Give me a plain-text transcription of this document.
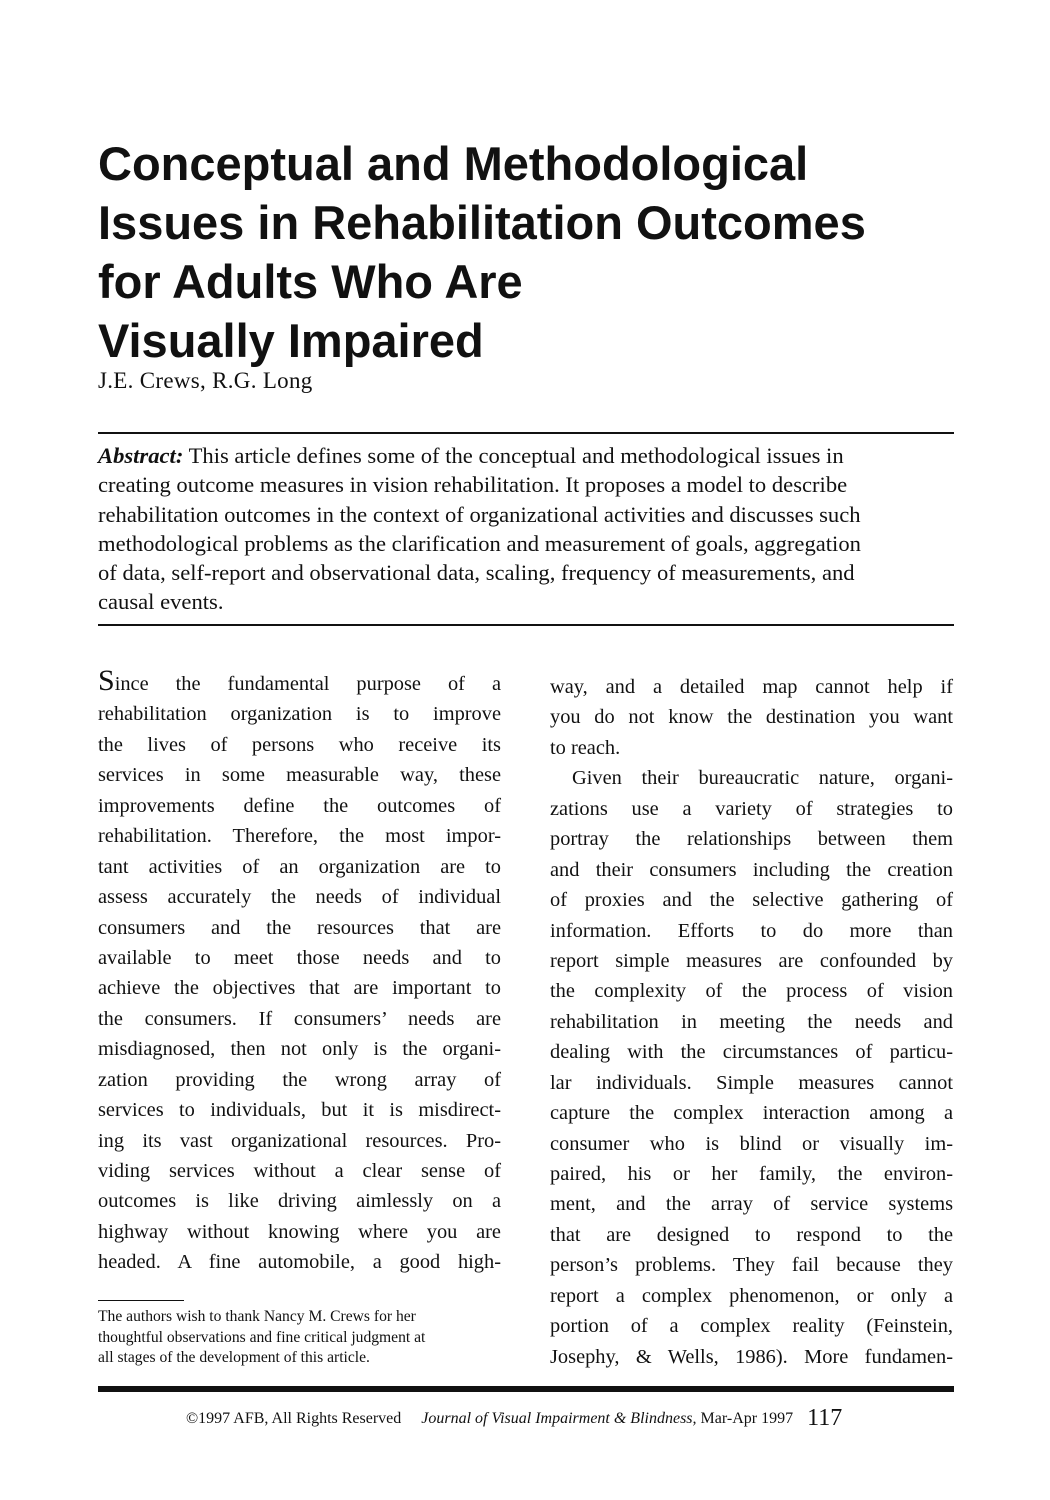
Conceptual and Methodological
Issues in Rehabilitation Outcomes
for Adults Who Are
Visually Impaired
J.E. Crews, R.G. Long
Abstract: This article defines some of the conceptual and methodological issues in
creating outcome measures in vision rehabilitation. It proposes a model to describe
rehabilitation outcomes in the context of organizational activities and discusses such
methodological problems as the clarification and measurement of goals, aggregation
of data, self-report and observational data, scaling, frequency of measurements, and
causal events.
Since the fundamental purpose of a
rehabilitation organization is to improve
the lives of persons who receive its
services in some measurable way, these
improvements define the outcomes of
rehabilitation. Therefore, the most impor-
tant activities of an organization are to
assess accurately the needs of individual
consumers and the resources that are
available to meet those needs and to
achieve the objectives that are important to
the consumers. If consumers’ needs are
misdiagnosed, then not only is the organi-
zation providing the wrong array of
services to individuals, but it is misdirect-
ing its vast organizational resources. Pro-
viding services without a clear sense of
outcomes is like driving aimlessly on a
highway without knowing where you are
headed. A fine automobile, a good high-
The authors wish to thank Nancy M. Crews for her
thoughtful observations and fine critical judgment at
all stages of the development of this article.
way, and a detailed map cannot help if
you do not know the destination you want
to reach.
Given their bureaucratic nature, organi-
zations use a variety of strategies to
portray the relationships between them
and their consumers including the creation
of proxies and the selective gathering of
information. Efforts to do more than
report simple measures are confounded by
the complexity of the process of vision
rehabilitation in meeting the needs and
dealing with the circumstances of particu-
lar individuals. Simple measures cannot
capture the complex interaction among a
consumer who is blind or visually im-
paired, his or her family, the environ-
ment, and the array of service systems
that are designed to respond to the
person’s problems. They fail because they
report a complex phenomenon, or only a
portion of a complex reality (Feinstein,
Josephy, & Wells, 1986). More fundamen-
©1997 AFB, All Rights Reserved Journal of Visual Impairment & Blindness, Mar-Apr 1997 117
